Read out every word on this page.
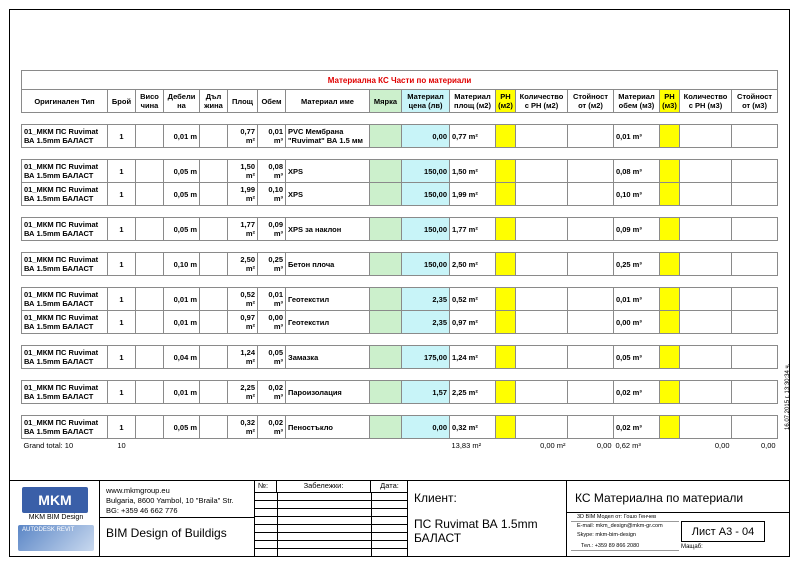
Материална КС Части по материали																	
Оригинален Тип	Брой	Висо чина	Дебели на	Дъл жина	Площ	Обем	Материал име	Мярка	Материал цена (лв)	Материал площ (м2)	РН (м2)	Количество с РН (м2)	Стойност от (м2)	Материал обем (м3)	РН (м3)	Количество с РН (м3)	Стойност от (м3)

01_МКМ ПС Ruvimat ВА 1.5mm БАЛАСТ	1		0,01 m		0,77 m²	0,01 m³	PVC Мембрана "Ruvimat" ВА 1.5 мм		0,00	0,77 m²				0,01 m³			

01_МКМ ПС Ruvimat ВА 1.5mm БАЛАСТ	1		0,05 m		1,50 m²	0,08 m³	XPS		150,00	1,50 m²				0,08 m³			
01_МКМ ПС Ruvimat ВА 1.5mm БАЛАСТ	1		0,05 m		1,99 m²	0,10 m³	XPS		150,00	1,99 m²				0,10 m³			

01_МКМ ПС Ruvimat ВА 1.5mm БАЛАСТ	1		0,05 m		1,77 m²	0,09 m³	XPS за наклон		150,00	1,77 m²				0,09 m³			

01_МКМ ПС Ruvimat ВА 1.5mm БАЛАСТ	1		0,10 m		2,50 m²	0,25 m³	Бетон плоча		150,00	2,50 m²				0,25 m³			

01_МКМ ПС Ruvimat ВА 1.5mm БАЛАСТ	1		0,01 m		0,52 m²	0,01 m³	Геотекстил		2,35	0,52 m²				0,01 m³			
01_МКМ ПС Ruvimat ВА 1.5mm БАЛАСТ	1		0,01 m		0,97 m²	0,00 m³	Геотекстил		2,35	0,97 m²				0,00 m³			

01_МКМ ПС Ruvimat ВА 1.5mm БАЛАСТ	1		0,04 m		1,24 m²	0,05 m³	Замазка		175,00	1,24 m²				0,05 m³			

01_МКМ ПС Ruvimat ВА 1.5mm БАЛАСТ	1		0,01 m		2,25 m²	0,02 m³	Пароизолация		1,57	2,25 m²				0,02 m³			

01_МКМ ПС Ruvimat ВА 1.5mm БАЛАСТ	1		0,05 m		0,32 m²	0,02 m³	Пеностъкло		0,00	0,32 m²				0,02 m³			
Grand total: 10	10									13,83 m²		0,00 m²	0,00	0,62 m³		0,00	0,00
MKM
MKM BIM Design
AUTODESK REVIT
www.mkmgroup.eu
Bulgaria, 8600 Yambol, 10 "Braila" Str.
BG: +359 46 662 776
BIM Design of Buildigs
№:	Забележки:	Дата:
Клиент:
ПС Ruvimat ВА 1.5mm БАЛАСТ
КС Материална по материали
3D BIM Модел от: Гошо Генчев
E-mail: mkm_design@mkm-gr.com
Skype: mkm-bim-design
Тел.: +359 89 866 2080
Лист А3 - 04
Мащаб:
16.07.2015 г. 13:30:34 ч.
